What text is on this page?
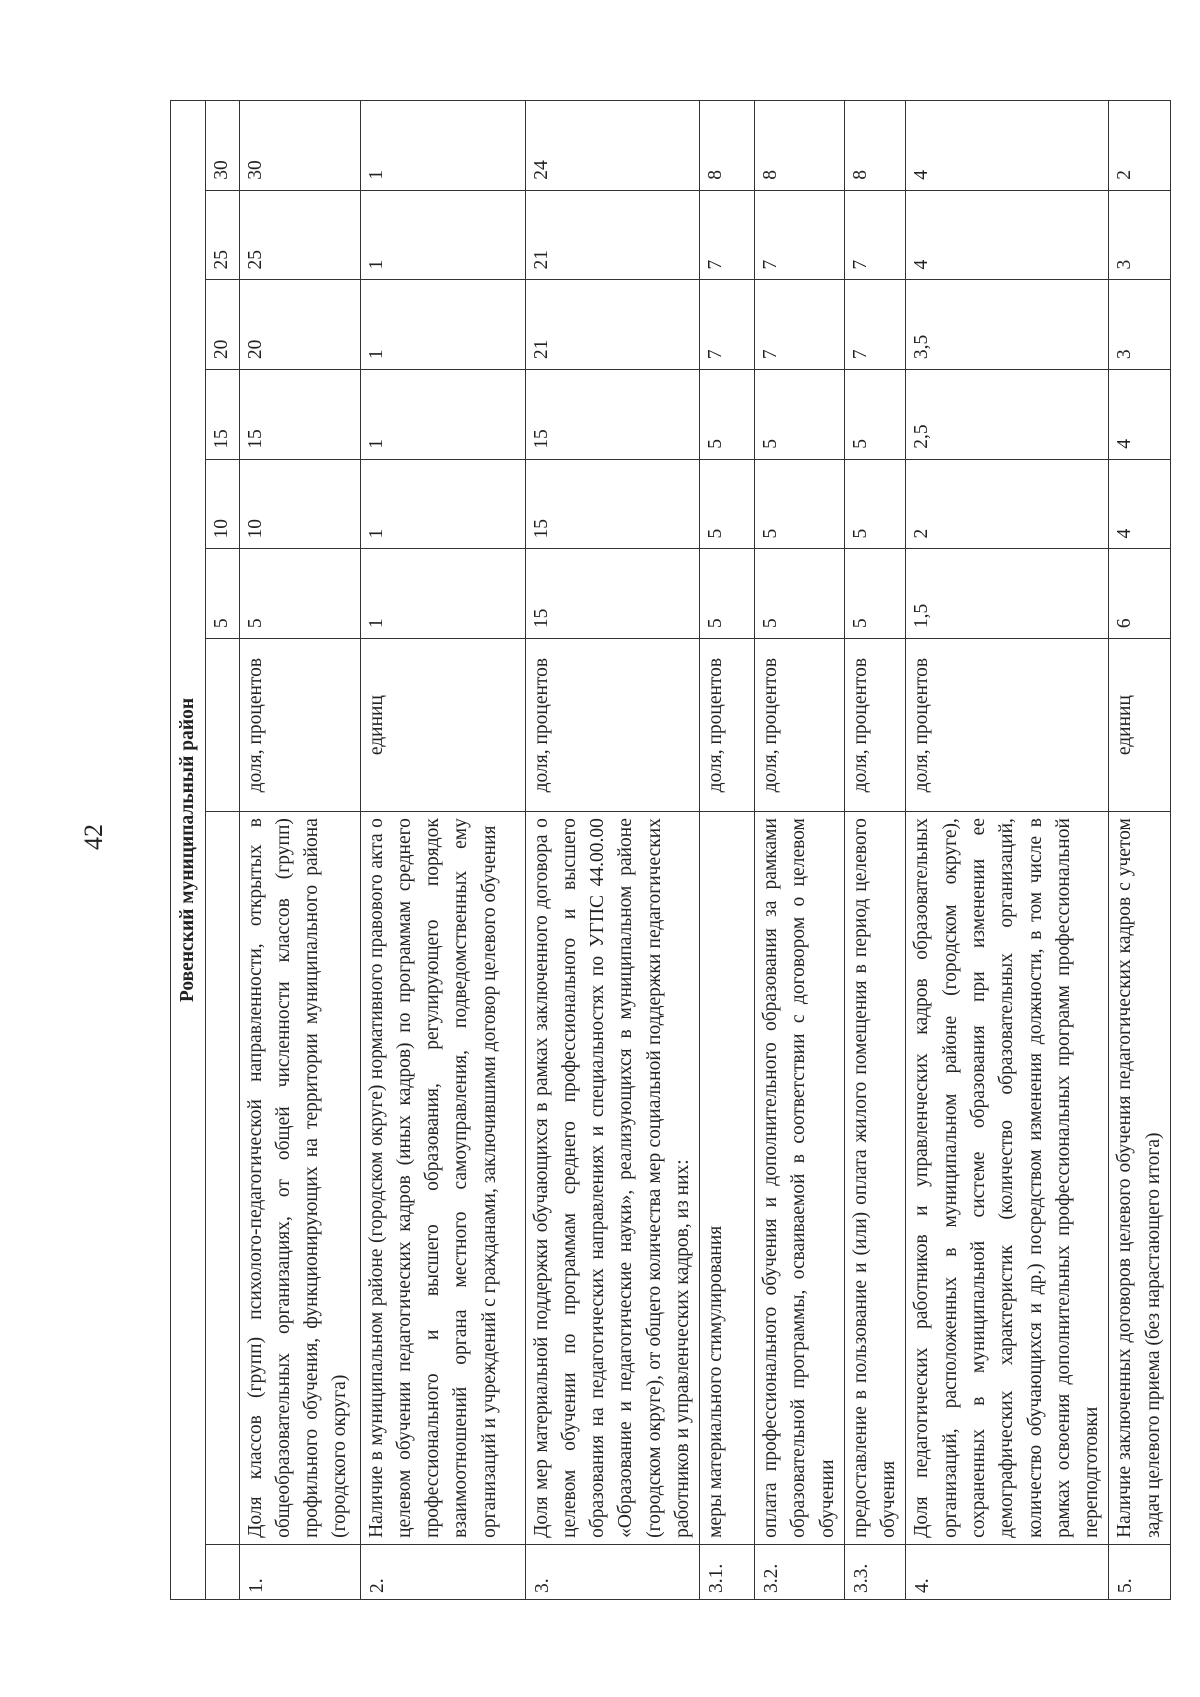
42	Ровенский муниципальный район								
			5	10	15	20	25	30
1.	Доля классов (групп) психолого-педагогической направленности, открытых в общеобразовательных организациях, от общей численности классов (групп) профильного обучения, функционирующих на территории муниципального района (городского округа)	доля, процентов	5	10	15	20	25	30
2.	Наличие в муниципальном районе (городском округе) нормативного правового акта о целевом обучении педагогических кадров (иных кадров) по программам среднего профессионального и высшего образования, регулирующего порядок взаимоотношений органа местного самоуправления, подведомственных ему организаций и учреждений с гражданами, заключившими договор целевого обучения	единиц	1	1	1	1	1	1
3.	Доля мер материальной поддержки обучающихся в рамках заключенного договора о целевом обучении по программам среднего профессионального и высшего образования на педагогических направлениях и специальностях по УГПС 44.00.00 «Образование и педагогические науки», реализующихся в муниципальном районе (городском округе), от общего количества мер социальной поддержки педагогических работников и управленческих кадров, из них:	доля, процентов	15	15	15	21	21	24
3.1.	меры материального стимулирования	доля, процентов	5	5	5	7	7	8
3.2.	оплата профессионального обучения и дополнительного образования за рамками образовательной программы, осваиваемой в соответствии с договором о целевом обучении	доля, процентов	5	5	5	7	7	8
3.3.	предоставление в пользование и (или) оплата жилого помещения в период целевого обучения	доля, процентов	5	5	5	7	7	8
4.	Доля педагогических работников и управленческих кадров образовательных организаций, расположенных в муниципальном районе (городском округе), сохраненных в муниципальной системе образования при изменении ее демографических характеристик (количество образовательных организаций, количество обучающихся и др.) посредством изменения должности, в том числе в рамках освоения дополнительных профессиональных программ профессиональной переподготовки	доля, процентов	1,5	2	2,5	3,5	4	4
5.	Наличие заключенных договоров целевого обучения педагогических кадров с учетом задач целевого приема (без нарастающего итога)	единиц	6	4	4	3	3	2
